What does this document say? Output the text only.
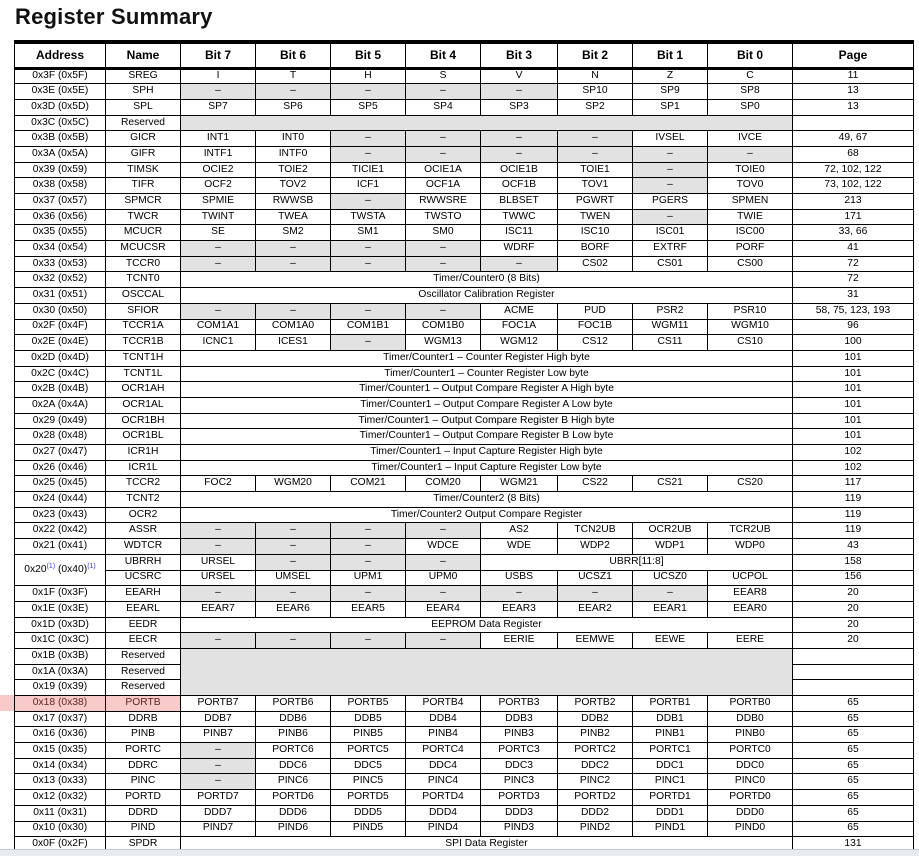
Register Summary
Address	Name	Bit 7	Bit 6	Bit 5	Bit 4	Bit 3	Bit 2	Bit 1	Bit 0	Page
0x3F (0x5F)	SREG	I	T	H	S	V	N	Z	C	11
0x3E (0x5E)	SPH	–	–	–	–	–	SP10	SP9	SP8	13
0x3D (0x5D)	SPL	SP7	SP6	SP5	SP4	SP3	SP2	SP1	SP0	13
0x3C (0x5C)	Reserved									
0x3B (0x5B)	GICR	INT1	INT0	–	–	–	–	IVSEL	IVCE	49, 67
0x3A (0x5A)	GIFR	INTF1	INTF0	–	–	–	–	–	–	68
0x39 (0x59)	TIMSK	OCIE2	TOIE2	TICIE1	OCIE1A	OCIE1B	TOIE1	–	TOIE0	72, 102, 122
0x38 (0x58)	TIFR	OCF2	TOV2	ICF1	OCF1A	OCF1B	TOV1	–	TOV0	73, 102, 122
0x37 (0x57)	SPMCR	SPMIE	RWWSB	–	RWWSRE	BLBSET	PGWRT	PGERS	SPMEN	213
0x36 (0x56)	TWCR	TWINT	TWEA	TWSTA	TWSTO	TWWC	TWEN	–	TWIE	171
0x35 (0x55)	MCUCR	SE	SM2	SM1	SM0	ISC11	ISC10	ISC01	ISC00	33, 66
0x34 (0x54)	MCUCSR	–	–	–	–	WDRF	BORF	EXTRF	PORF	41
0x33 (0x53)	TCCR0	–	–	–	–	–	CS02	CS01	CS00	72
0x32 (0x52)	TCNT0	Timer/Counter0 (8 Bits)								72
0x31 (0x51)	OSCCAL	Oscillator Calibration Register								31
0x30 (0x50)	SFIOR	–	–	–	–	ACME	PUD	PSR2	PSR10	58, 75, 123, 193
0x2F (0x4F)	TCCR1A	COM1A1	COM1A0	COM1B1	COM1B0	FOC1A	FOC1B	WGM11	WGM10	96
0x2E (0x4E)	TCCR1B	ICNC1	ICES1	–	WGM13	WGM12	CS12	CS11	CS10	100
0x2D (0x4D)	TCNT1H	Timer/Counter1 – Counter Register High byte								101
0x2C (0x4C)	TCNT1L	Timer/Counter1 – Counter Register Low byte								101
0x2B (0x4B)	OCR1AH	Timer/Counter1 – Output Compare Register A High byte								101
0x2A (0x4A)	OCR1AL	Timer/Counter1 – Output Compare Register A Low byte								101
0x29 (0x49)	OCR1BH	Timer/Counter1 – Output Compare Register B High byte								101
0x28 (0x48)	OCR1BL	Timer/Counter1 – Output Compare Register B Low byte								101
0x27 (0x47)	ICR1H	Timer/Counter1 – Input Capture Register High byte								102
0x26 (0x46)	ICR1L	Timer/Counter1 – Input Capture Register Low byte								102
0x25 (0x45)	TCCR2	FOC2	WGM20	COM21	COM20	WGM21	CS22	CS21	CS20	117
0x24 (0x44)	TCNT2	Timer/Counter2 (8 Bits)								119
0x23 (0x43)	OCR2	Timer/Counter2 Output Compare Register								119
0x22 (0x42)	ASSR	–	–	–	–	AS2	TCN2UB	OCR2UB	TCR2UB	119
0x21 (0x41)	WDTCR	–	–	–	WDCE	WDE	WDP2	WDP1	WDP0	43
0x20$^{(1)}$ (0x40)$^{(1)}$	UBRRH	URSEL	–	–	–	UBRR[11:8]				158
	UCSRC	URSEL	UMSEL	UPM1	UPM0	USBS	UCSZ1	UCSZ0	UCPOL	156
0x1F (0x3F)	EEARH	–	–	–	–	–	–	–	EEAR8	20
0x1E (0x3E)	EEARL	EEAR7	EEAR6	EEAR5	EEAR4	EEAR3	EEAR2	EEAR1	EEAR0	20
0x1D (0x3D)	EEDR	EEPROM Data Register								20
0x1C (0x3C)	EECR	–	–	–	–	EERIE	EEMWE	EEWE	EERE	20
0x1B (0x3B)	Reserved									
0x1A (0x3A)	Reserved									
0x19 (0x39)	Reserved									
0x18 (0x38)	PORTB	PORTB7	PORTB6	PORTB5	PORTB4	PORTB3	PORTB2	PORTB1	PORTB0	65
0x17 (0x37)	DDRB	DDB7	DDB6	DDB5	DDB4	DDB3	DDB2	DDB1	DDB0	65
0x16 (0x36)	PINB	PINB7	PINB6	PINB5	PINB4	PINB3	PINB2	PINB1	PINB0	65
0x15 (0x35)	PORTC	–	PORTC6	PORTC5	PORTC4	PORTC3	PORTC2	PORTC1	PORTC0	65
0x14 (0x34)	DDRC	–	DDC6	DDC5	DDC4	DDC3	DDC2	DDC1	DDC0	65
0x13 (0x33)	PINC	–	PINC6	PINC5	PINC4	PINC3	PINC2	PINC1	PINC0	65
0x12 (0x32)	PORTD	PORTD7	PORTD6	PORTD5	PORTD4	PORTD3	PORTD2	PORTD1	PORTD0	65
0x11 (0x31)	DDRD	DDD7	DDD6	DDD5	DDD4	DDD3	DDD2	DDD1	DDD0	65
0x10 (0x30)	PIND	PIND7	PIND6	PIND5	PIND4	PIND3	PIND2	PIND1	PIND0	65
0x0F (0x2F)	SPDR	SPI Data Register								131
